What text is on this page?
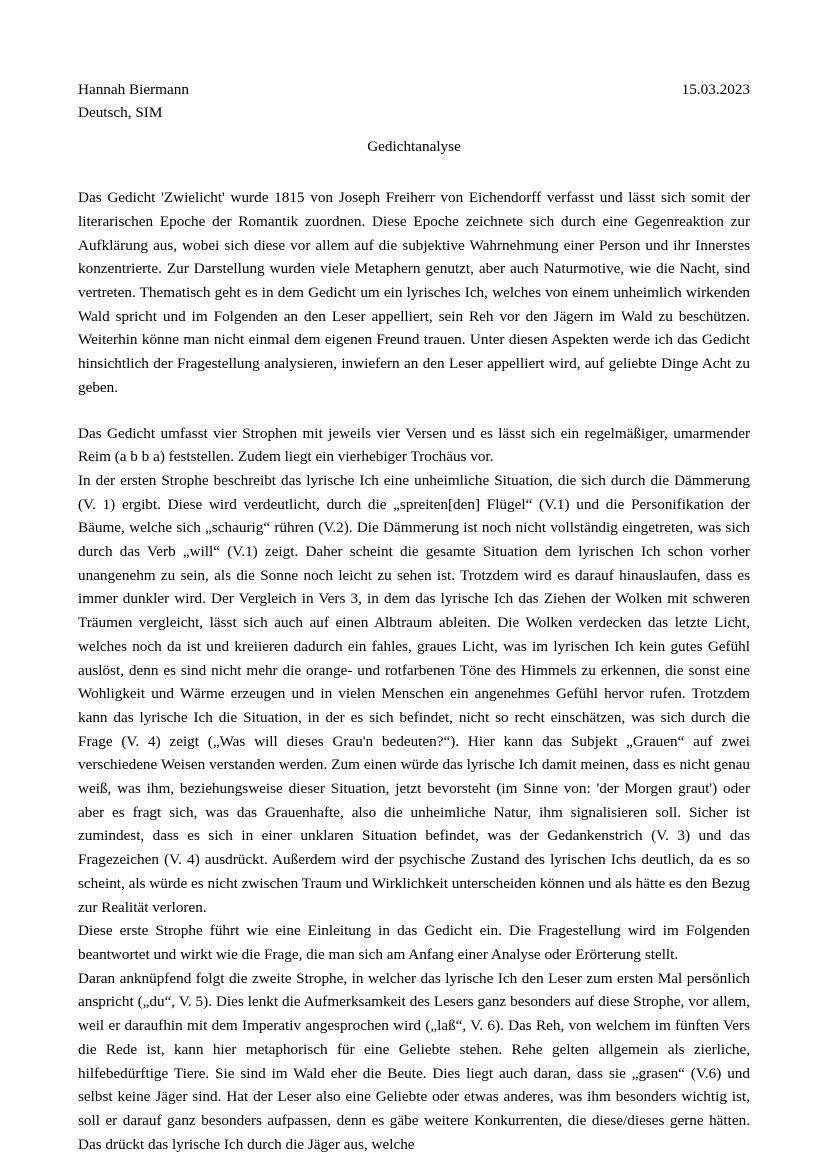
Hannah Biermann
Deutsch, SIM
15.03.2023
Gedichtanalyse

Das Gedicht 'Zwielicht' wurde 1815 von Joseph Freiherr von Eichendorff verfasst und lässt sich somit der literarischen Epoche der Romantik zuordnen. Diese Epoche zeichnete sich durch eine Gegenreaktion zur Aufklärung aus, wobei sich diese vor allem auf die subjektive Wahrnehmung einer Person und ihr Innerstes konzentrierte. Zur Darstellung wurden viele Metaphern genutzt, aber auch Naturmotive, wie die Nacht, sind vertreten. Thematisch geht es in dem Gedicht um ein lyrisches Ich, welches von einem unheimlich wirkenden Wald spricht und im Folgenden an den Leser appelliert, sein Reh vor den Jägern im Wald zu beschützen. Weiterhin könne man nicht einmal dem eigenen Freund trauen. Unter diesen Aspekten werde ich das Gedicht hinsichtlich der Fragestellung analysieren, inwiefern an den Leser appelliert wird, auf geliebte Dinge Acht zu geben.

Das Gedicht umfasst vier Strophen mit jeweils vier Versen und es lässt sich ein regelmäßiger, umarmender Reim (a b b a) feststellen. Zudem liegt ein vierhebiger Trochäus vor.

In der ersten Strophe beschreibt das lyrische Ich eine unheimliche Situation, die sich durch die Dämmerung (V. 1) ergibt. Diese wird verdeutlicht, durch die „spreiten[den] Flügel“ (V.1) und die Personifikation der Bäume, welche sich „schaurig“ rühren (V.2). Die Dämmerung ist noch nicht vollständig eingetreten, was sich durch das Verb „will“ (V.1) zeigt. Daher scheint die gesamte Situation dem lyrischen Ich schon vorher unangenehm zu sein, als die Sonne noch leicht zu sehen ist. Trotzdem wird es darauf hinauslaufen, dass es immer dunkler wird. Der Vergleich in Vers 3, in dem das lyrische Ich das Ziehen der Wolken mit schweren Träumen vergleicht, lässt sich auch auf einen Albtraum ableiten. Die Wolken verdecken das letzte Licht, welches noch da ist und kreiieren dadurch ein fahles, graues Licht, was im lyrischen Ich kein gutes Gefühl auslöst, denn es sind nicht mehr die orange- und rotfarbenen Töne des Himmels zu erkennen, die sonst eine Wohligkeit und Wärme erzeugen und in vielen Menschen ein angenehmes Gefühl hervor rufen. Trotzdem kann das lyrische Ich die Situation, in der es sich befindet, nicht so recht einschätzen, was sich durch die Frage (V. 4) zeigt („Was will dieses Grau'n bedeuten?“). Hier kann das Subjekt „Grauen“ auf zwei verschiedene Weisen verstanden werden. Zum einen würde das lyrische Ich damit meinen, dass es nicht genau weiß, was ihm, beziehungsweise dieser Situation, jetzt bevorsteht (im Sinne von: 'der Morgen graut') oder aber es fragt sich, was das Grauenhafte, also die unheimliche Natur, ihm signalisieren soll. Sicher ist zumindest, dass es sich in einer unklaren Situation befindet, was der Gedankenstrich (V. 3) und das Fragezeichen (V. 4) ausdrückt. Außerdem wird der psychische Zustand des lyrischen Ichs deutlich, da es so scheint, als würde es nicht zwischen Traum und Wirklichkeit unterscheiden können und als hätte es den Bezug zur Realität verloren.

Diese erste Strophe führt wie eine Einleitung in das Gedicht ein. Die Fragestellung wird im Folgenden beantwortet und wirkt wie die Frage, die man sich am Anfang einer Analyse oder Erörterung stellt.

Daran anknüpfend folgt die zweite Strophe, in welcher das lyrische Ich den Leser zum ersten Mal persönlich anspricht („du“, V. 5). Dies lenkt die Aufmerksamkeit des Lesers ganz besonders auf diese Strophe, vor allem, weil er daraufhin mit dem Imperativ angesprochen wird („laß“, V. 6). Das Reh, von welchem im fünften Vers die Rede ist, kann hier metaphorisch für eine Geliebte stehen. Rehe gelten allgemein als zierliche, hilfebedürftige Tiere. Sie sind im Wald eher die Beute. Dies liegt auch daran, dass sie „grasen“ (V.6) und selbst keine Jäger sind. Hat der Leser also eine Geliebte oder etwas anderes, was ihm besonders wichtig ist, soll er darauf ganz besonders aufpassen, denn es gäbe weitere Konkurrenten, die diese/dieses gerne hätten. Das drückt das lyrische Ich durch die Jäger aus, welche
